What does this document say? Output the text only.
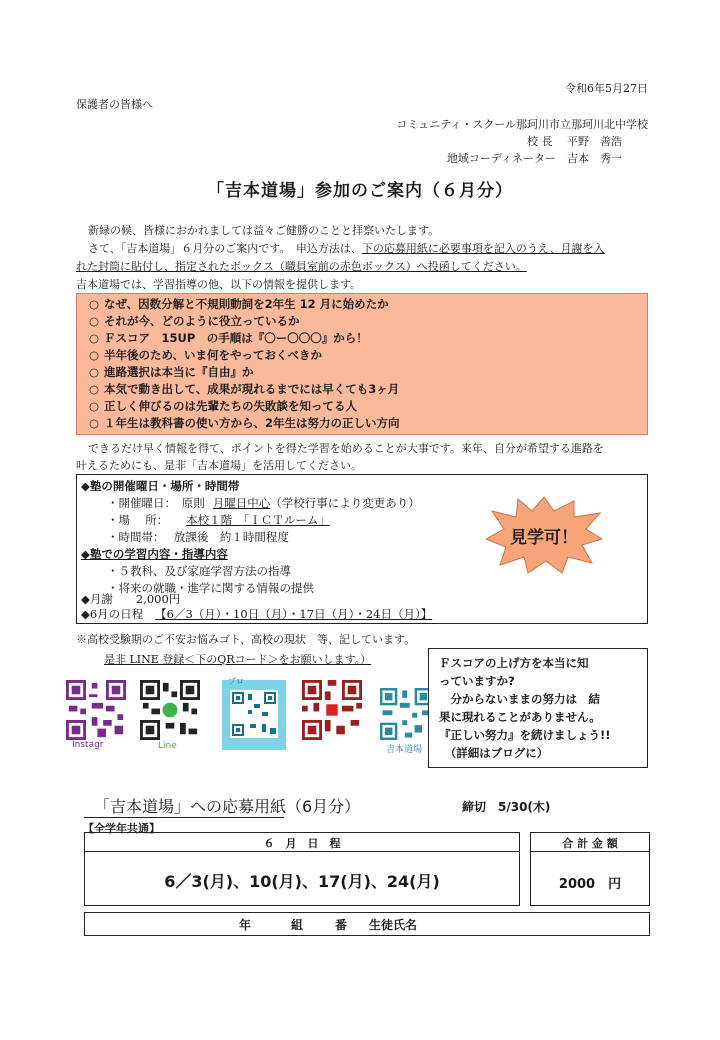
令和6年5月27日
保護者の皆様へ
コミュニティ・スクール那珂川市立那珂川北中学校
校 長　 平野　善浩
地域コーディネーター　吉本　秀一
「吉本道場」参加のご案内（６月分）
新緑の候、皆様におかれましては益々ご健勝のことと拝察いたします。
さて、「吉本道場」６月分のご案内です。　申込方法は、下の応募用紙に必要事項を記入のうえ、月謝を入
れた封筒に貼付し、指定されたボックス（職員室前の赤色ボックス）へ投函してください。
吉本道場では、学習指導の他、以下の情報を提供します。
○ なぜ、因数分解と不規則動詞を2年生 12 月に始めたか
○ それが今、どのように役立っているか
○ Ｆスコア　15UP　の手順は『〇ー〇〇〇』から！
○ 半年後のため、いま何をやっておくべきか
○ 進路選択は本当に『自由』か
○ 本気で動き出して、成果が現れるまでには早くても3ヶ月
○ 正しく伸びるのは先輩たちの失敗談を知ってる人
○ １年生は教科書の使い方から、2年生は努力の正しい方向
できるだけ早く情報を得て、ポイントを得た学習を始めることが大事です。来年、自分が希望する進路を
叶えるためにも、是非「吉本道場」を活用してください。
◆塾の開催曜日・場所・時間帯
・開催曜日：　原則 月曜日中心（学校行事により変更あり）
・場　 所： 本校１階　「ＩＣＴルーム」
・時間帯：　 放課後　約１時間程度
◆塾での学習内容・指導内容
・５教科、及び家庭学習方法の指導
・将来の就職・進学に関する情報の提供
◆月謝　　2,000円
◆6月の日程 【6／3（月）・10日（月）・17日（月）・24日（月）】
見学可！
※高校受験期のご不安お悩みゴト、高校の現状　等、記しています。
是非 LINE 登録＜下のQRコード＞をお願いします。）
Instagr	Line
ブロ
吉本道場
Ｆスコアの上げ方を本当に知
っていますか?
　分からないままの努力は　結
果に現れることがありません。
『正しい努力』を続けましょう!!
　（詳細はブログに）
「吉本道場」への応募用紙（6月分）	締切　5/30(木)
【全学年共通】
６　月　日　程
6／3(月)、10(月)、17(月)、24(月)
合 計 金 額
2000　円
年	組	番 生徒氏名
